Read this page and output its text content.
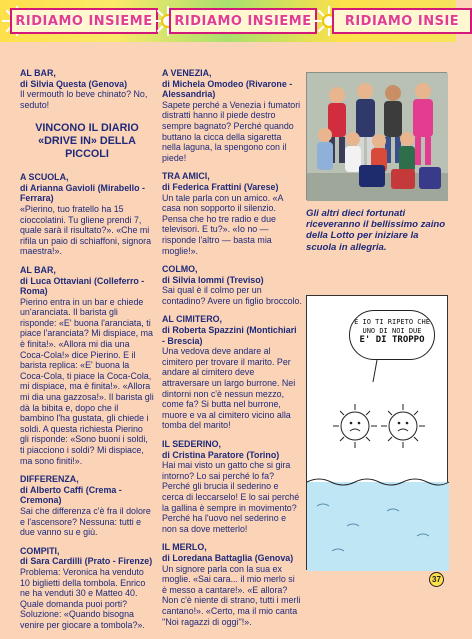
RIDIAMO INSIEME RIDIAMO INSIEME	RIDIAMO INSIE
AL BAR,
di Silvia Questa (Genova)

Il vermouth lo beve chinato? No, seduto!

VINCONO IL DIARIO «DRIVE IN» DELLA PICCOLI
A SCUOLA,
di Arianna Gavioli (Mirabello - Ferrara)

«Pierino, tuo fratello ha 15 cioccolatini. Tu gliene prendi 7, quale sarà il risultato?». «Che mi rifila un paio di schiaffoni, signora maestra!».

AL BAR,
di Luca Ottaviani (Colleferro - Roma)

Pierino entra in un bar e chiede un'aranciata. Il barista gli risponde: «E' buona l'aranciata, ti piace l'aranciata? Mi dispiace, ma è finita!». «Allora mi dia una Coca-Cola!» dice Pierino. E il barista replica: «E' buona la Coca-Cola, ti piace la Coca-Cola, mi dispiace, ma è finita!». «Allora mi dia una gazzosa!». Il barista gli dà la bibita e, dopo che il bambino l'ha gustata, gli chiede i soldi. A questa richiesta Pierino gli risponde: «Sono buoni i soldi, ti piacciono i soldi? Mi dispiace, ma sono finiti!».

DIFFERENZA,
di Alberto Caffi (Crema - Cremona)

Sai che differenza c'è fra il dolore e l'ascensore? Nessuna: tutti e due vanno su e giù.

COMPITI,
di Sara Cardilli (Prato - Firenze)

Problema: Veronica ha venduto 10 biglietti della tombola. Enrico ne ha venduti 30 e Matteo 40. Quale domanda puoi porti? Soluzione: «Quando bisogna venire per giocare a tombola?».

A VENEZIA,
di Michela Omodeo (Rivarone - Alessandria)

Sapete perché a Venezia i fumatori distratti hanno il piede destro sempre bagnato? Perché quando buttano la cicca della sigaretta nella laguna, la spengono con il piede!

TRA AMICI,
di Federica Frattini (Varese)

Un tale parla con un amico. «A casa non sopporto il silenzio. Pensa che ho tre radio e due televisori. E tu?». «Io no — risponde l'altro — basta mia moglie!».

COLMO,
di Silvia Iommi (Treviso)

Sai qual è il colmo per un contadino? Avere un figlio broccolo.

AL CIMITERO,
di Roberta Spazzini (Montichiari - Brescia)

Una vedova deve andare al cimitero per trovare il marito. Per andare al cimitero deve attraversare un largo burrone. Nei dintorni non c'è nessun mezzo, come fa? Si butta nel burrone, muore e va al cimitero vicino alla tomba del marito!

IL SEDERINO,
di Cristina Paratore (Torino)

Hai mai visto un gatto che si gira intorno? Lo sai perché lo fa? Perché gli brucia il sederino e cerca di leccarselo! E lo sai perché la gallina è sempre in movimento? Perché ha l'uovo nel sederino e non sa dove metterlo!

IL MERLO,
di Loredana Battaglia (Genova)

Un signore parla con la sua ex moglie. «Sai cara... il mio merlo si è messo a cantare!». «E allora? Non c'è niente di strano, tutti i merli cantano!». «Certo, ma il mio canta ''Noi ragazzi di oggi''!».

Gli altri dieci fortunati riceveranno il bellissimo zaino della Lotto per iniziare la scuola in allegria.
E IO TI RIPETO CHE
UNO DI NOI DUE
E' DI TROPPO
37
